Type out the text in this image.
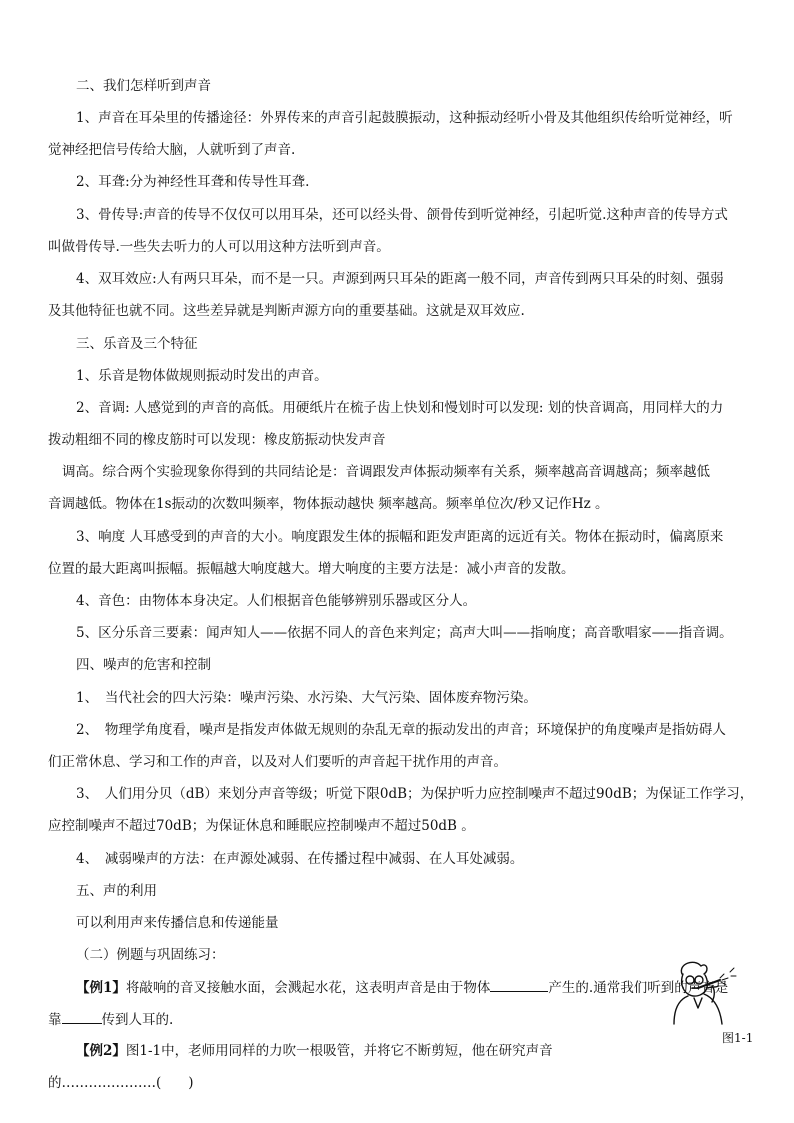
二、我们怎样听到声音
1、声音在耳朵里的传播途径：外界传来的声音引起鼓膜振动，这种振动经听小骨及其他组织传给听觉神经，听
觉神经把信号传给大脑，人就听到了声音.
2、耳聋:分为神经性耳聋和传导性耳聋.
3、骨传导:声音的传导不仅仅可以用耳朵，还可以经头骨、颌骨传到听觉神经，引起听觉.这种声音的传导方式
叫做骨传导.一些失去听力的人可以用这种方法听到声音。
4、双耳效应:人有两只耳朵，而不是一只。声源到两只耳朵的距离一般不同，声音传到两只耳朵的时刻、强弱
及其他特征也就不同。这些差异就是判断声源方向的重要基础。这就是双耳效应.
三、乐音及三个特征
1、乐音是物体做规则振动时发出的声音。
2、音调: 人感觉到的声音的高低。用硬纸片在梳子齿上快划和慢划时可以发现: 划的快音调高，用同样大的力
拨动粗细不同的橡皮筋时可以发现：橡皮筋振动快发声音
调高。综合两个实验现象你得到的共同结论是：音调跟发声体振动频率有关系，频率越高音调越高；频率越低
音调越低。物体在1s振动的次数叫频率，物体振动越快 频率越高。频率单位次/秒又记作Hz 。
3、响度 人耳感受到的声音的大小。响度跟发生体的振幅和距发声距离的远近有关。物体在振动时，偏离原来
位置的最大距离叫振幅。振幅越大响度越大。增大响度的主要方法是：减小声音的发散。
4、音色：由物体本身决定。人们根据音色能够辨别乐器或区分人。
5、区分乐音三要素：闻声知人——依据不同人的音色来判定；高声大叫——指响度；高音歌唱家——指音调。
四、噪声的危害和控制
1、　当代社会的四大污染：噪声污染、水污染、大气污染、固体废弃物污染。
2、　物理学角度看，噪声是指发声体做无规则的杂乱无章的振动发出的声音；环境保护的角度噪声是指妨碍人
们正常休息、学习和工作的声音，以及对人们要听的声音起干扰作用的声音。
3、　人们用分贝（dB）来划分声音等级；听觉下限0dB；为保护听力应控制噪声不超过90dB；为保证工作学习，
应控制噪声不超过70dB；为保证休息和睡眠应控制噪声不超过50dB 。
4、　减弱噪声的方法：在声源处减弱、在传播过程中减弱、在人耳处减弱。
五、声的利用
可以利用声来传播信息和传递能量
（二）例题与巩固练习：
【例1】将敲响的音叉接触水面，会溅起水花，这表明声音是由于物体	产生的.通常我们听到的声音是
靠	传到人耳的.
【例2】图1-1中，老师用同样的力吹一根吸管，并将它不断剪短，他在研究声音
的…………………(　　)
图1-1
